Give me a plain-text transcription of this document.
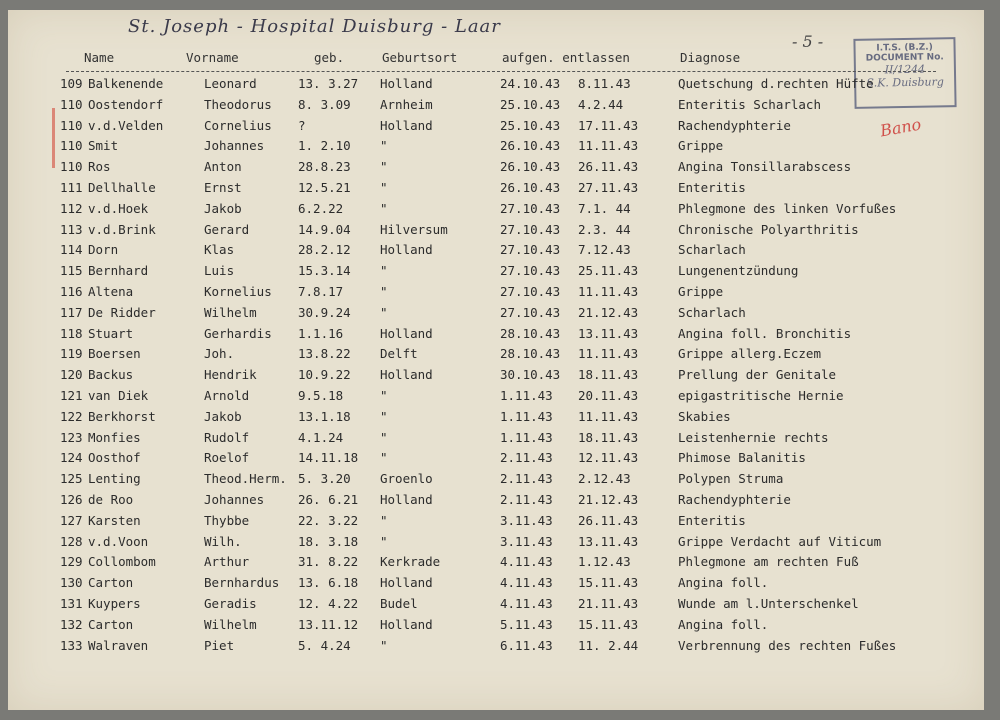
St. Joseph - Hospital Duisburg - Laar
- 5 -	I.T.S. (B.Z.)
DOCUMENT No.
II/1244
S.K. Duisburg
Bano
Name	Vorname	geb.	Geburtsort	aufgen. entlassen	Diagnose
109 Balkenende	Leonard	13. 3.27 Holland	24.10.43 8.11.43	Quetschung d.rechten Hüfte
110 Oostendorf	Theodorus 8. 3.09 Arnheim	25.10.43 4.2.44	Enteritis Scharlach
110 v.d.Velden	Cornelius ?	Holland	25.10.43 17.11.43	Rachendyphterie
110 Smit	Johannes	1. 2.10 "	26.10.43 11.11.43	Grippe
110 Ros	Anton	28.8.23 "	26.10.43 26.11.43	Angina Tonsillarabscess
111 Dellhalle	Ernst	12.5.21 "	26.10.43 27.11.43	Enteritis
112 v.d.Hoek	Jakob	6.2.22	"	27.10.43 7.1. 44	Phlegmone des linken Vorfußes
113 v.d.Brink	Gerard	14.9.04 Hilversum	27.10.43 2.3. 44	Chronische Polyarthritis
114 Dorn	Klas	28.2.12 Holland	27.10.43 7.12.43	Scharlach
115 Bernhard	Luis	15.3.14 "	27.10.43 25.11.43	Lungenentzündung
116 Altena	Kornelius 7.8.17	"	27.10.43 11.11.43	Grippe
117 De Ridder	Wilhelm	30.9.24 "	27.10.43 21.12.43	Scharlach
118 Stuart	Gerhardis 1.1.16	Holland	28.10.43 13.11.43	Angina foll. Bronchitis
119 Boersen	Joh.	13.8.22 Delft	28.10.43 11.11.43	Grippe allerg.Eczem
120 Backus	Hendrik	10.9.22 Holland	30.10.43 18.11.43	Prellung der Genitale
121 van Diek	Arnold	9.5.18	"	1.11.43 20.11.43	epigastritische Hernie
122 Berkhorst	Jakob	13.1.18 "	1.11.43 11.11.43	Skabies
123 Monfies	Rudolf	4.1.24	"	1.11.43 18.11.43	Leistenhernie rechts
124 Oosthof	Roelof	14.11.18 "	2.11.43 12.11.43	Phimose Balanitis
125 Lenting	Theod.Herm. 5. 3.20 Groenlo	2.11.43 2.12.43	Polypen Struma
126 de Roo	Johannes	26. 6.21 Holland	2.11.43 21.12.43	Rachendyphterie
127 Karsten	Thybbe	22. 3.22 "	3.11.43 26.11.43	Enteritis
128 v.d.Voon	Wilh.	18. 3.18 "	3.11.43 13.11.43	Grippe Verdacht auf Viticum
129 Collombom	Arthur	31. 8.22 Kerkrade	4.11.43 1.12.43	Phlegmone am rechten Fuß
130 Carton	Bernhardus 13. 6.18 Holland	4.11.43 15.11.43	Angina foll.
131 Kuypers	Geradis	12. 4.22 Budel	4.11.43 21.11.43	Wunde am l.Unterschenkel
132 Carton	Wilhelm	13.11.12 Holland	5.11.43 15.11.43	Angina foll.
133 Walraven	Piet	5. 4.24 "	6.11.43 11. 2.44	Verbrennung des rechten Fußes
